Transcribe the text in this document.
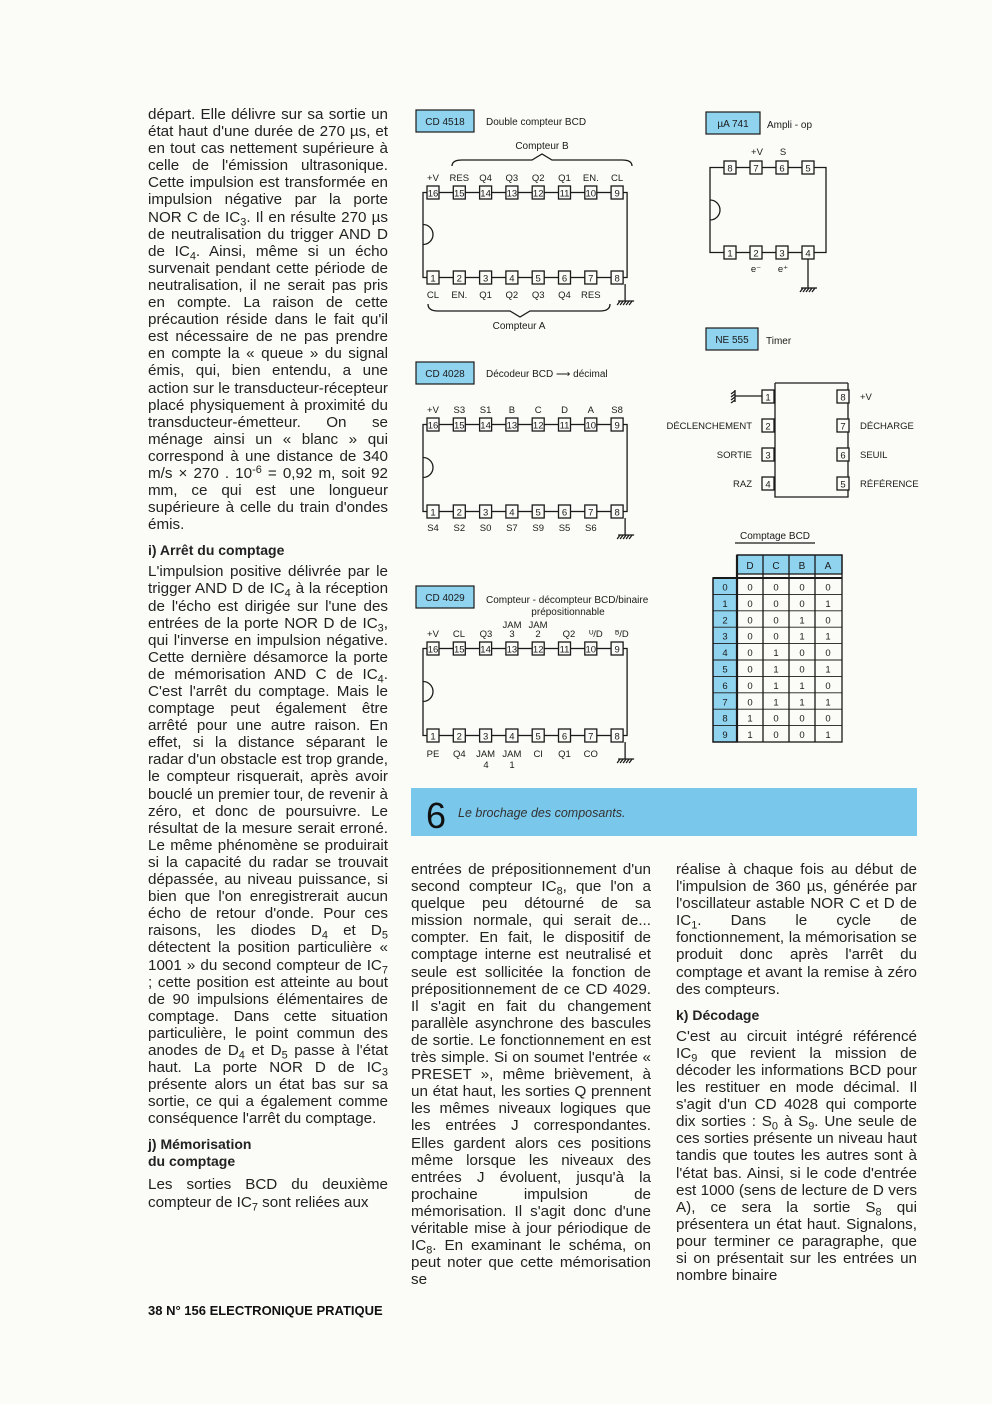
départ. Elle délivre sur sa sortie un état haut d'une durée de 270 µs, et en tout cas nettement supérieure à celle de l'émission ultrasonique. Cette impulsion est transformée en impulsion négative par la porte NOR C de $IC_3$. Il en résulte 270 µs de neutralisation du trigger AND D de $IC_4$. Ainsi, même si un écho survenait pendant cette période de neutralisation, il ne serait pas pris en compte. La raison de cette précaution réside dans le fait qu'il est nécessaire de ne pas prendre en compte la « queue » du signal émis, qui, bien entendu, a une action sur le transducteur-récepteur placé physiquement à proximité du transducteur-émetteur. On se ménage ainsi un « blanc » qui correspond à une distance de 340 m/s × 270 . $10^{-6} = 0,92$ m, soit 92 mm, ce qui est une longueur supérieure à celle du train d'ondes émis.

i) Arrêt du comptage

L'impulsion positive délivrée par le trigger AND D de $IC_4$ à la réception de l'écho est dirigée sur l'une des entrées de la porte NOR D de $IC_3$, qui l'inverse en impulsion négative. Cette dernière désamorce la porte de mémorisation AND C de $IC_4$. C'est l'arrêt du comptage. Mais le comptage peut également être arrêté pour une autre raison. En effet, si la distance séparant le radar d'un obstacle est trop grande, le compteur risquerait, après avoir bouclé un premier tour, de revenir à zéro, et donc de poursuivre. Le résultat de la mesure serait erroné. Le même phénomène se produirait si la capacité du radar se trouvait dépassée, au niveau puissance, si bien que l'on enregistrerait aucun écho de retour d'onde. Pour ces raisons, les diodes $D_4$ et $D_5$ détectent la position particulière « 1001 » du second compteur de $IC_7$ ; cette position est atteinte au bout de 90 impulsions élémentaires de comptage. Dans cette situation particulière, le point commun des anodes de $D_4$ et $D_5$ passe à l'état haut. La porte NOR D de $IC_3$ présente alors un état bas sur sa sortie, ce qui a également comme conséquence l'arrêt du comptage.

j) Mémorisation
du comptage

Les sorties BCD du deuxième compteur de $IC_7$ sont reliées aux

entrées de prépositionnement d'un second compteur $IC_8$, que l'on a quelque peu détourné de sa mission normale, qui serait de... compter. En fait, le dispositif de comptage interne est neutralisé et seule est sollicitée la fonction de prépositionnement de ce CD 4029. Il s'agit en fait du changement parallèle asynchrone des bascules de sortie. Le fonctionnement en est très simple. Si on soumet l'entrée « PRESET », même brièvement, à un état haut, les sorties Q prennent les mêmes niveaux logiques que les entrées J correspondantes. Elles gardent alors ces positions même lorsque les niveaux des entrées J évoluent, jusqu'à la prochaine impulsion de mémorisation. Il s'agit donc d'une véritable mise à jour périodique de $IC_8$. En examinant le schéma, on peut noter que cette mémorisation se

réalise à chaque fois au début de l'impulsion de 360 µs, générée par l'oscillateur astable NOR C et D de $IC_1$. Dans le cycle de fonctionnement, la mémorisation se produit donc après l'arrêt du comptage et avant la remise à zéro des compteurs.

k) Décodage

C'est au circuit intégré référencé $IC_9$ que revient la mission de décoder les informations BCD pour les restituer en mode décimal. Il s'agit d'un CD 4028 qui comporte dix sorties : $S_0$ à $S_9$. Une seule de ces sorties présente un niveau haut tandis que toutes les autres sont à l'état bas. Ainsi, si le code d'entrée est 1000 (sens de lecture de D vers A), ce sera la sortie $S_8$ qui présentera un état haut. Signalons, pour terminer ce paragraphe, que si on présentait sur les entrées un nombre binaire

38 N° 156 ELECTRONIQUE PRATIQUE
CD 4518 Double compteur BCD
Compteur B
+V RES Q4 Q3 Q2 Q1 EN. CL
16 15 14 13 12 11 10 9
1 2 3 4 5 6 7 8
CL EN. Q1 Q2 Q3 Q4 RES
Compteur A
CD 4028 Décodeur BCD ⟶ décimal
+V S3 S1 B C D A S8
16 15 14 13 12 11 10 9
1 2 3 4 5 6 7 8
S4 S2 S0 S7 S9 S5 S6
CD 4029 Compteur - décompteur BCD/binaire
prépositionnable
+V CL Q3
JAM
3
JAM
2 Q2 ᵁ/D ᴮ/D
16 15 14 13 12 11 10 9
1 2 3 4 5 6 7 8
PE Q4 JAM JAM CI Q1 CO
4 1
µA 741 Ampli - op
+V S
8
1
7
2
6
3
5
4
e⁻ e⁺
NE 555 Timer
1	8 +V
2	7
DÉCLENCHEMENT	DÉCHARGE
3	6
SORTIE	SEUIL
4	5
RAZ	RÉFÉRENCE
Comptage BCD
D C B A
0 0 0 0 0
1 0 0 0 1
2 0 0 1 0
3 0 0 1 1
4 0 1 0 0
5 0 1 0 1
6 0 1 1 0
7 0 1 1 1
8 1 0 0 0
9 1 0 0 1
6 Le brochage des composants.
